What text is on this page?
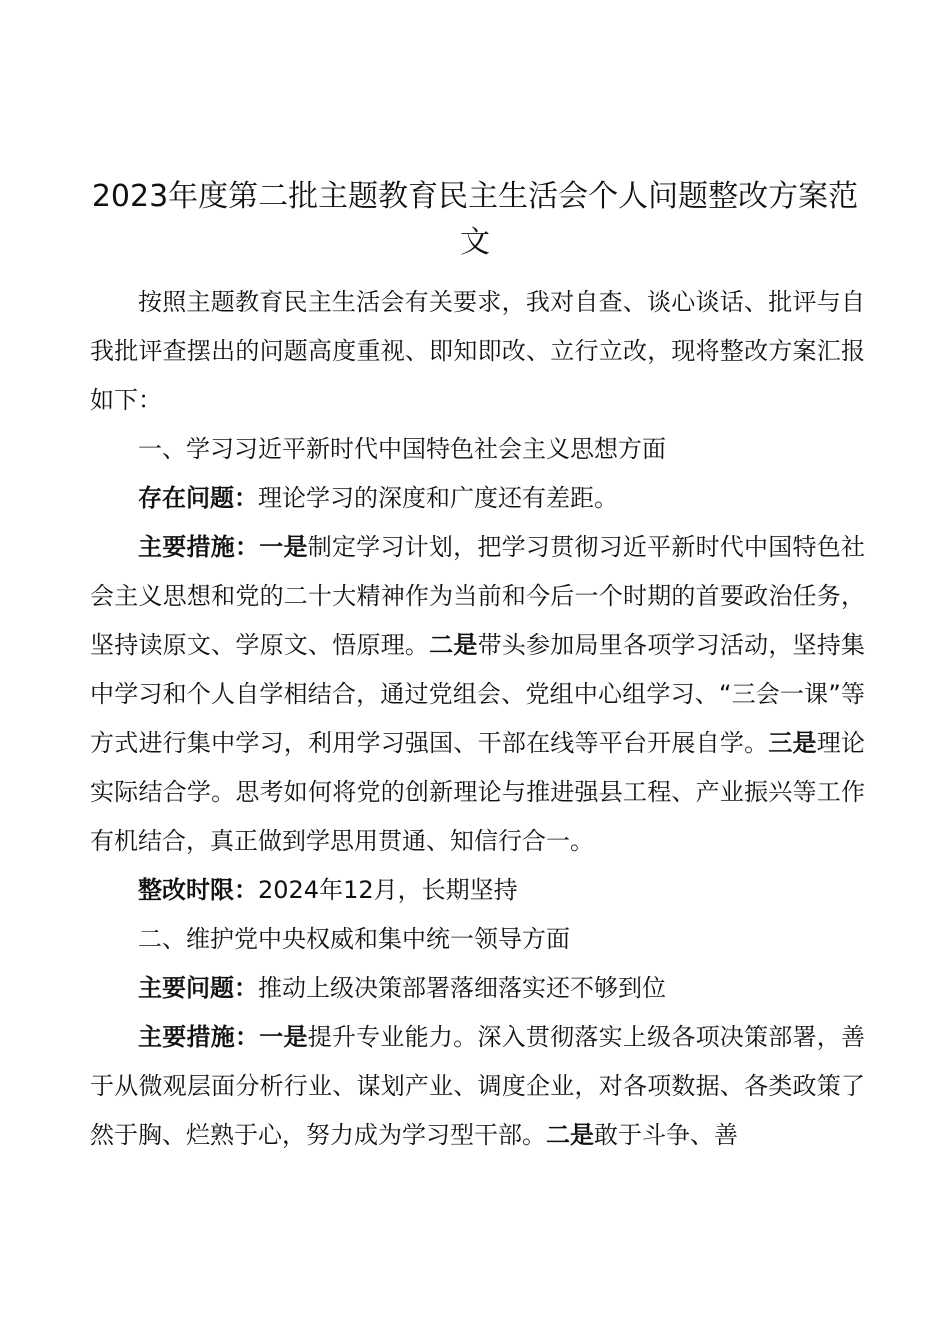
2023年度第二批主题教育民主生活会个人问题整改方案范文

按照主题教育民主生活会有关要求，我对自查、谈心谈话、批评与自我批评查摆出的问题高度重视、即知即改、立行立改，现将整改方案汇报如下：

一、学习习近平新时代中国特色社会主义思想方面

存在问题：理论学习的深度和广度还有差距。

主要措施：一是制定学习计划，把学习贯彻习近平新时代中国特色社会主义思想和党的二十大精神作为当前和今后一个时期的首要政治任务，坚持读原文、学原文、悟原理。二是带头参加局里各项学习活动，坚持集中学习和个人自学相结合，通过党组会、党组中心组学习、“三会一课”等方式进行集中学习，利用学习强国、干部在线等平台开展自学。三是理论实际结合学。思考如何将党的创新理论与推进强县工程、产业振兴等工作有机结合，真正做到学思用贯通、知信行合一。

整改时限：2024年12月，长期坚持

二、维护党中央权威和集中统一领导方面

主要问题：推动上级决策部署落细落实还不够到位

主要措施：一是提升专业能力。深入贯彻落实上级各项决策部署，善于从微观层面分析行业、谋划产业、调度企业，对各项数据、各类政策了然于胸、烂熟于心，努力成为学习型干部。二是敢于斗争、善
